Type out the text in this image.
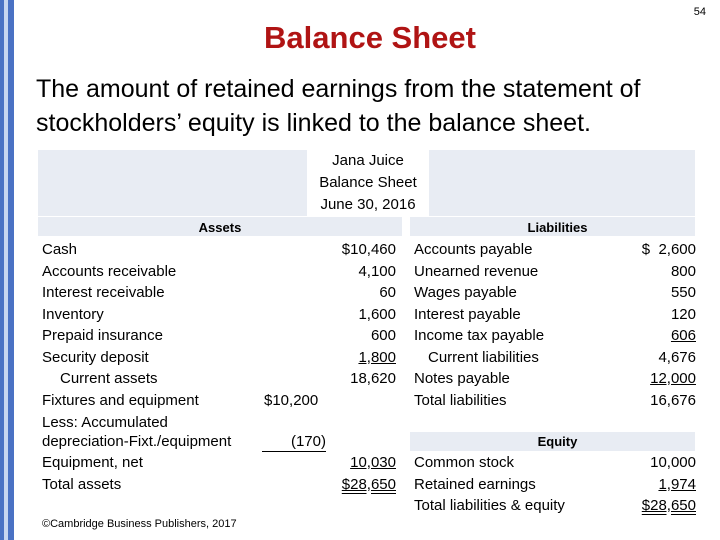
54
Balance Sheet
The amount of retained earnings from the statement of stockholders’ equity is linked to the balance sheet.
Jana Juice
Balance Sheet
June 30, 2016
Assets	Liabilities
Equity
Cash	$10,460
Accounts receivable	4,100
Interest receivable	60
Inventory	1,600
Prepaid insurance	600
Security deposit	1,800
Current assets	18,620
Fixtures and equipment	$10,200
Less: Accumulated
depreciation-Fixt./equipment	(170)
Equipment, net	10,030
Total assets	$28,650
Accounts payable	$  2,600
Unearned revenue	800
Wages payable	550
Interest payable	120
Income tax payable	606
Current liabilities	4,676
Notes payable	12,000
Total liabilities	16,676
Common stock	10,000
Retained earnings	1,974
Total liabilities & equity	$28,650
©Cambridge Business Publishers, 2017
